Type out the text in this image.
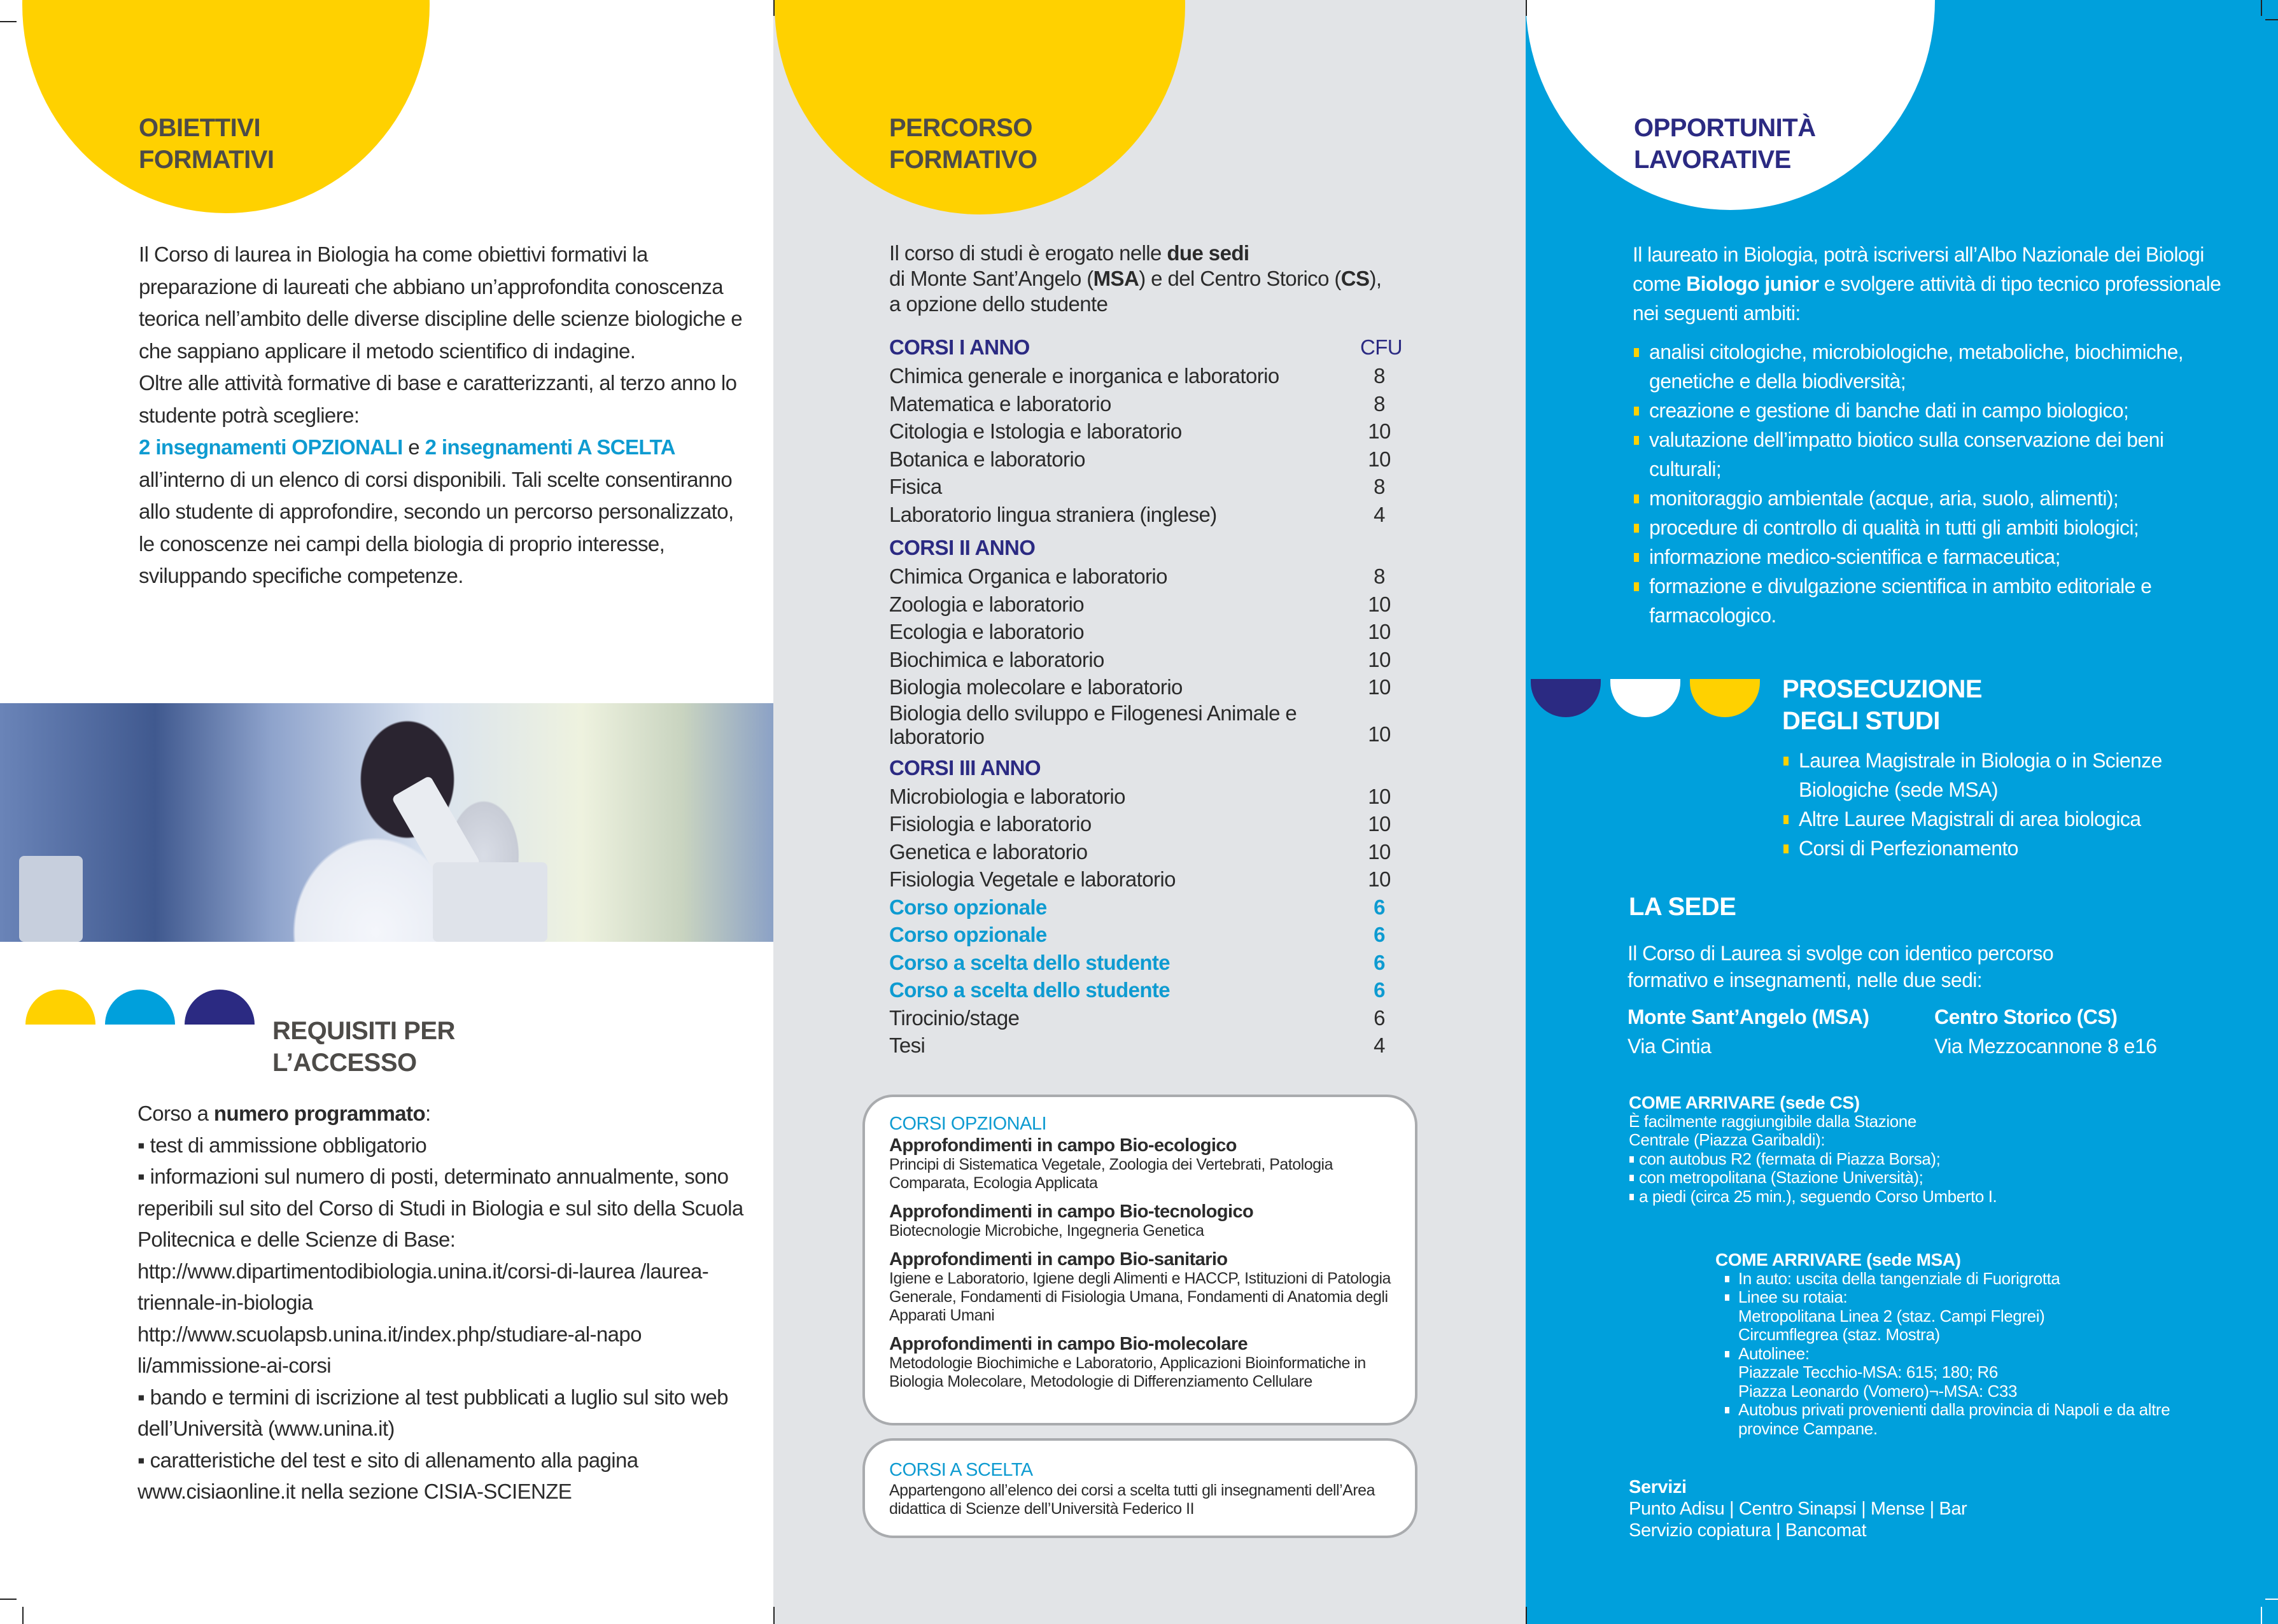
OBIETTIVI
FORMATIVI

Il Corso di laurea in Biologia ha come obiettivi formativi la preparazione di laureati che abbiano un’approfondita conoscenza teorica nell’ambito delle diverse discipline delle scienze biologiche e che sappiano applicare il metodo scientifico di indagine.

Oltre alle attività formative di base e caratterizzanti, al terzo anno lo studente potrà scegliere:

2 insegnamenti OPZIONALI e 2 insegnamenti A SCELTA

all’interno di un elenco di corsi disponibili. Tali scelte consentiranno allo studente di approfondire, secondo un percorso personalizzato, le conoscenze nei campi della biologia di proprio interesse, sviluppando specifiche competenze.

REQUISITI PER
L’ACCESSO

Corso a numero programmato:

▪ test di ammissione obbligatorio

▪ informazioni sul numero di posti, determinato annualmente, sono reperibili sul sito del Corso di Studi in Biologia e sul sito della Scuola Politecnica e delle Scienze di Base:

http://www.dipartimentodibiologia.unina.it/corsi-di-laurea /laurea-triennale-in-biologia

http://www.scuolapsb.unina.it/index.php/studiare-al-napo li/ammissione-ai-corsi

▪ bando e termini di iscrizione al test pubblicati a luglio sul sito web dell’Università (www.unina.it)

▪ caratteristiche del test e sito di allenamento alla pagina www.cisiaonline.it nella sezione CISIA-SCIENZE

PERCORSO
FORMATIVO

Il corso di studi è erogato nelle due sedi

di Monte Sant’Angelo (MSA) e del Centro Storico (CS),

a opzione dello studente

CORSI I ANNO	CFU
Chimica generale e inorganica e laboratorio	8
Matematica e laboratorio	8
Citologia e Istologia e laboratorio	10
Botanica e laboratorio	10
Fisica	8
Laboratorio lingua straniera (inglese)	4
CORSI II ANNO
Chimica Organica e laboratorio	8
Zoologia e laboratorio	10
Ecologia e laboratorio	10
Biochimica e laboratorio	10
Biologia molecolare e laboratorio	10
Biologia dello sviluppo e Filogenesi Animale e laboratorio	10
CORSI III ANNO
Microbiologia e laboratorio	10
Fisiologia e laboratorio	10
Genetica e laboratorio	10
Fisiologia Vegetale e laboratorio	10
Corso opzionale	6
Corso opzionale	6
Corso a scelta dello studente	6
Corso a scelta dello studente	6
Tirocinio/stage	6
Tesi	4
CORSI OPZIONALI
Approfondimenti in campo Bio-ecologico
Principi di Sistematica Vegetale, Zoologia dei Vertebrati, Patologia Comparata, Ecologia Applicata
Approfondimenti in campo Bio-tecnologico
Biotecnologie Microbiche, Ingegneria Genetica
Approfondimenti in campo Bio-sanitario
Igiene e Laboratorio, Igiene degli Alimenti e HACCP, Istituzioni di Patologia Generale, Fondamenti di Fisiologia Umana, Fondamenti di Anatomia degli Apparati Umani
Approfondimenti in campo Bio-molecolare
Metodologie Biochimiche e Laboratorio, Applicazioni Bioinformatiche in Biologia Molecolare, Metodologie di Differenziamento Cellulare
CORSI A SCELTA
Appartengono all’elenco dei corsi a scelta tutti gli insegnamenti dell’Area didattica di Scienze dell’Università Federico II
OPPORTUNITÀ
LAVORATIVE
Il laureato in Biologia, potrà iscriversi all’Albo Nazionale dei Biologi come Biologo junior e svolgere attività di tipo tecnico professionale nei seguenti ambiti:
analisi citologiche, microbiologiche, metaboliche, biochimiche, genetiche e della biodiversità;
creazione e gestione di banche dati in campo biologico;
valutazione dell’impatto biotico sulla conservazione dei beni culturali;
monitoraggio ambientale (acque, aria, suolo, alimenti);
procedure di controllo di qualità in tutti gli ambiti biologici;
informazione medico-scientifica e farmaceutica;
formazione e divulgazione scientifica in ambito editoriale e farmacologico.
PROSECUZIONE
DEGLI STUDI
Laurea Magistrale in Biologia o in Scienze Biologiche (sede MSA)
Altre Lauree Magistrali di area biologica
Corsi di Perfezionamento
LA SEDE
Il Corso di Laurea si svolge con identico percorso formativo e insegnamenti, nelle due sedi:
Monte Sant’Angelo (MSA)
Via Cintia
Centro Storico (CS)
Via Mezzocannone 8 e16
COME ARRIVARE (sede CS)
È facilmente raggiungibile dalla Stazione Centrale (Piazza Garibaldi):
con autobus R2 (fermata di Piazza Borsa);
con metropolitana (Stazione Università);
a piedi (circa 25 min.), seguendo Corso Umberto I.
COME ARRIVARE (sede MSA)
In auto: uscita della tangenziale di Fuorigrotta
Linee su rotaia:
Metropolitana Linea 2 (staz. Campi Flegrei)
Circumflegrea (staz. Mostra)
Autolinee:
Piazzale Tecchio-MSA: 615; 180; R6
Piazza Leonardo (Vomero)¬-MSA: C33
Autobus privati provenienti dalla provincia di Napoli e da altre province Campane.
Servizi
Punto Adisu | Centro Sinapsi | Mense | Bar
Servizio copiatura | Bancomat
